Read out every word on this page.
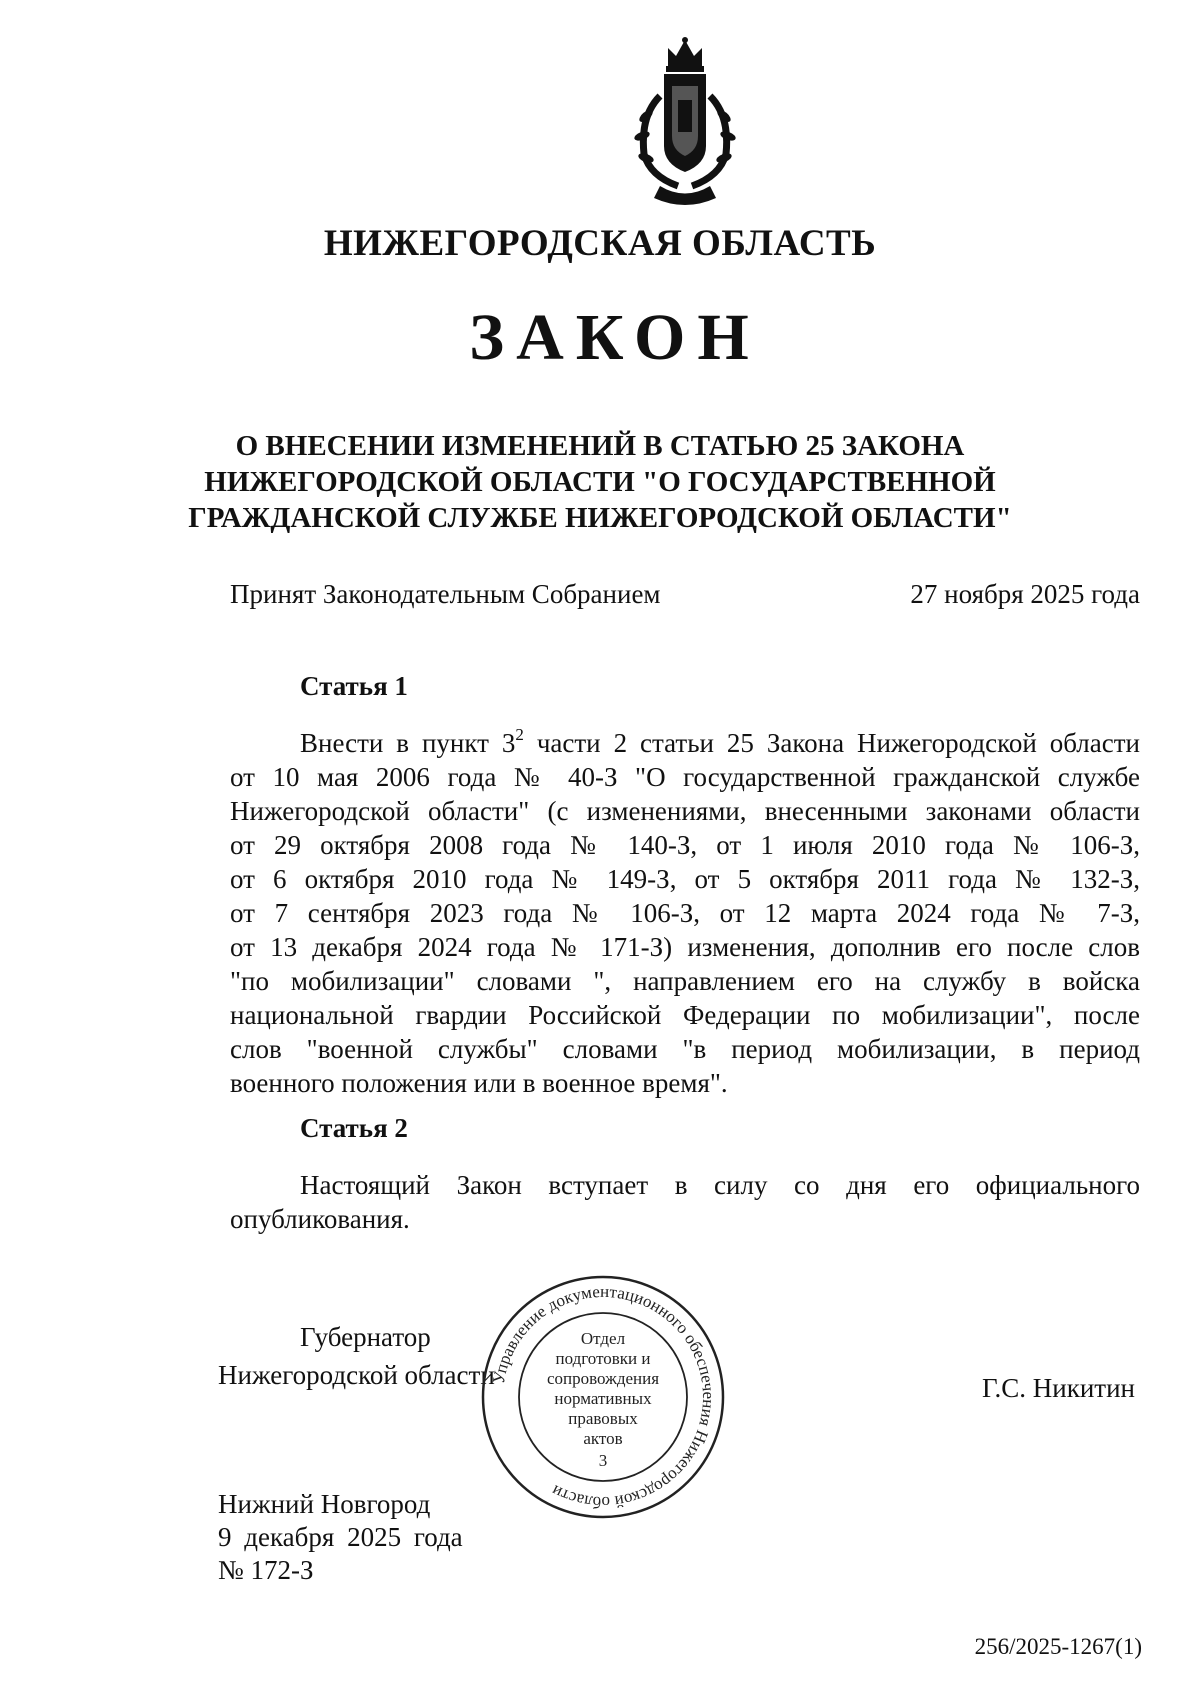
НИЖЕГОРОДСКАЯ ОБЛАСТЬ
ЗАКОН
О ВНЕСЕНИИ ИЗМЕНЕНИЙ В СТАТЬЮ 25 ЗАКОНА
НИЖЕГОРОДСКОЙ ОБЛАСТИ "О ГОСУДАРСТВЕННОЙ
ГРАЖДАНСКОЙ СЛУЖБЕ НИЖЕГОРОДСКОЙ ОБЛАСТИ"
Принят Законодательным Собранием	27 ноября 2025 года
Статья 1
Внести в пункт $3^2$ части 2 статьи 25 Закона Нижегородской области
от 10 мая 2006 года № 40-З "О государственной гражданской службе
Нижегородской области" (с изменениями, внесенными законами области
от 29 октября 2008 года № 140-З, от 1 июля 2010 года № 106-З,
от 6 октября 2010 года № 149-З, от 5 октября 2011 года № 132-З,
от 7 сентября 2023 года № 106-З, от 12 марта 2024 года № 7-З,
от 13 декабря 2024 года № 171-З) изменения, дополнив его после слов
"по мобилизации" словами ", направлением его на службу в войска
национальной гвардии Российской Федерации по мобилизации", после
слов "военной службы" словами "в период мобилизации, в период
военного положения или в военное время".
Статья 2
Настоящий Закон вступает в силу со дня его официального
опубликования.
Губернатор
Нижегородской области	Г.С. Никитин
Управление документационного обеспечения Нижегородской области
Отдел
подготовки и
сопровождения
нормативных
правовых
актов
3
Нижний Новгород
9 декабря 2025 года
№ 172-З
256/2025-1267(1)
